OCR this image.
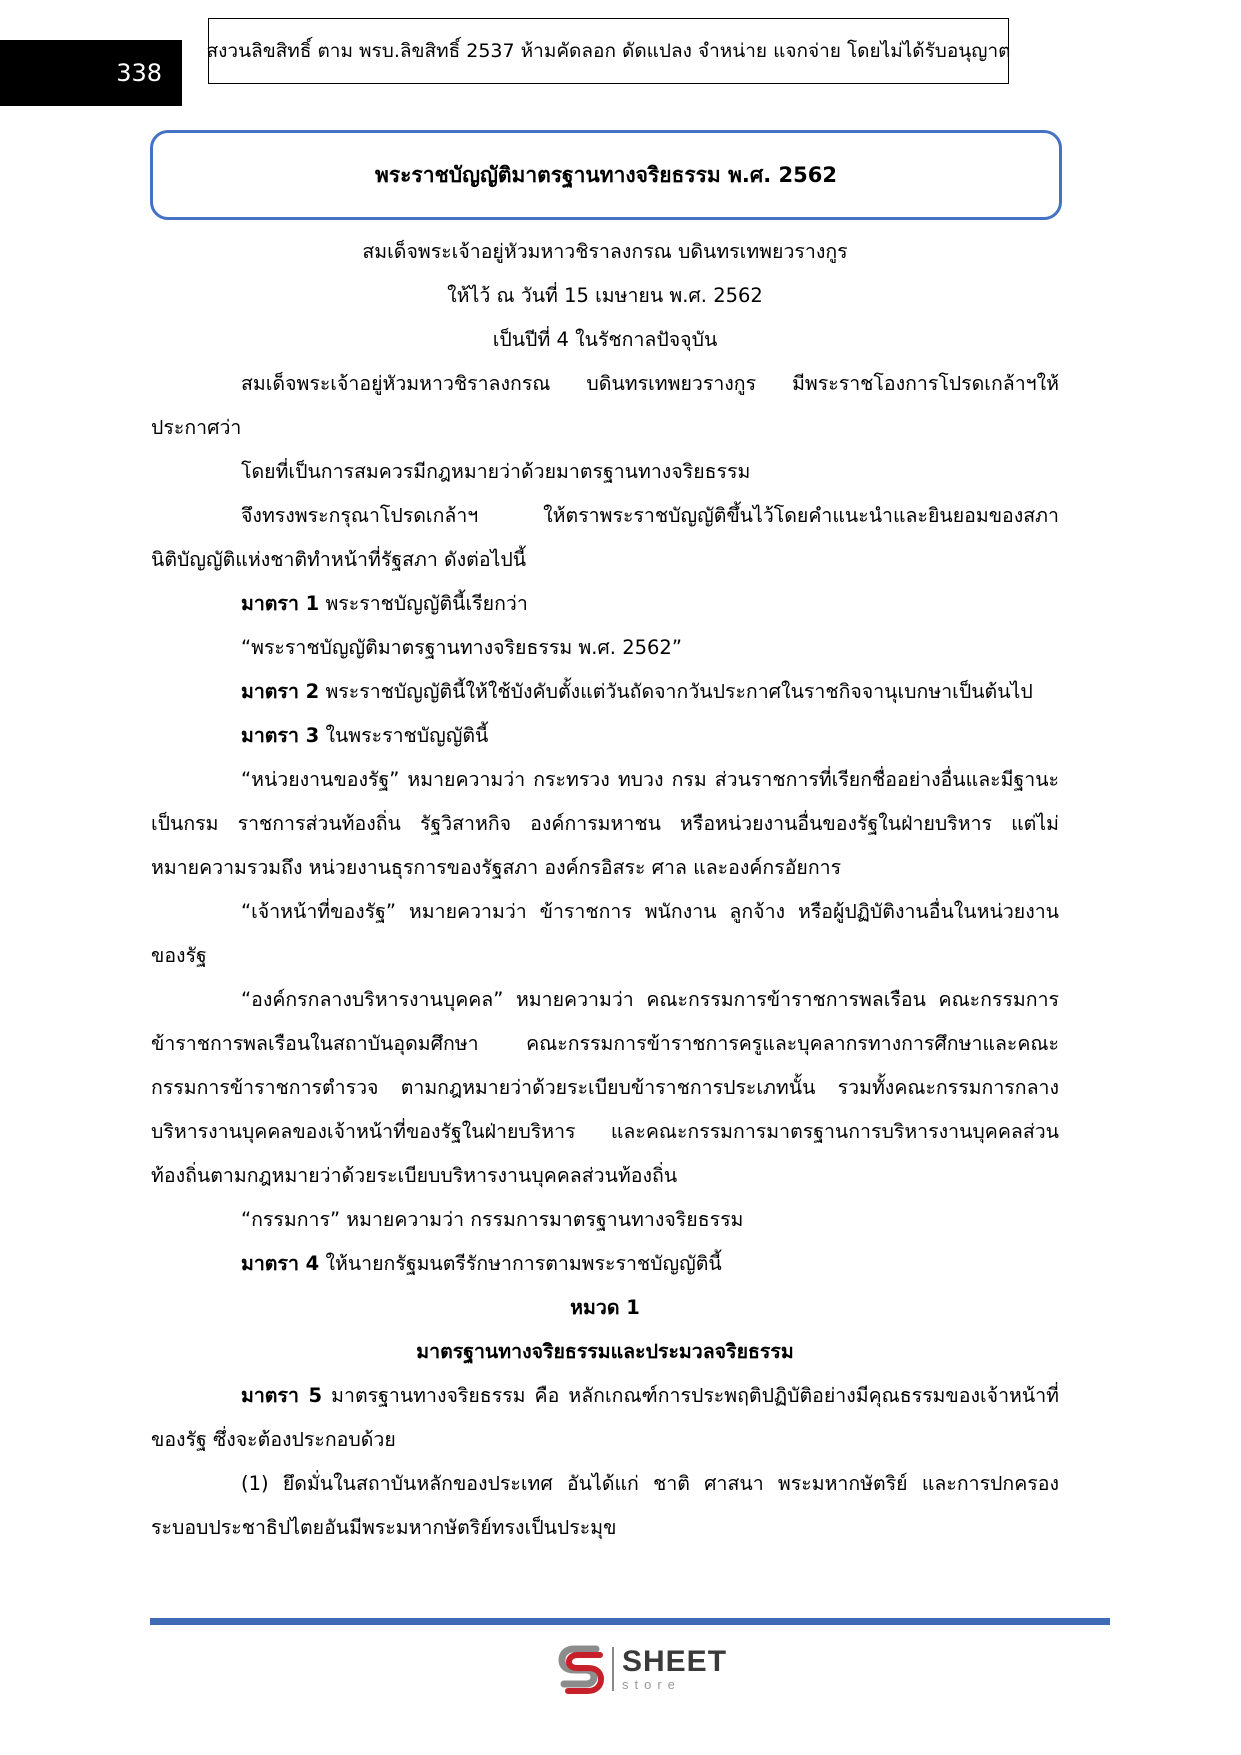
338
สงวนลิขสิทธิ์ ตาม พรบ.ลิขสิทธิ์ 2537 ห้ามคัดลอก ดัดแปลง จำหน่าย แจกจ่าย โดยไม่ได้รับอนุญาต
พระราชบัญญัติมาตรฐานทางจริยธรรม พ.ศ. 2562
สมเด็จพระเจ้าอยู่หัวมหาวชิราลงกรณ บดินทรเทพยวรางกูร
ให้ไว้ ณ วันที่ 15 เมษายน พ.ศ. 2562
เป็นปีที่ 4 ในรัชกาลปัจจุบัน
สมเด็จพระเจ้าอยู่หัวมหาวชิราลงกรณ บดินทรเทพยวรางกูร มีพระราชโองการโปรดเกล้าฯให้ประกาศว่า
โดยที่เป็นการสมควรมีกฎหมายว่าด้วยมาตรฐานทางจริยธรรม
จึงทรงพระกรุณาโปรดเกล้าฯ ให้ตราพระราชบัญญัติขึ้นไว้โดยคำแนะนำและยินยอมของสภานิติบัญญัติแห่งชาติทำหน้าที่รัฐสภา ดังต่อไปนี้
มาตรา 1 พระราชบัญญัตินี้เรียกว่า
“พระราชบัญญัติมาตรฐานทางจริยธรรม พ.ศ. 2562”
มาตรา 2 พระราชบัญญัตินี้ให้ใช้บังคับตั้งแต่วันถัดจากวันประกาศในราชกิจจานุเบกษาเป็นต้นไป
มาตรา 3 ในพระราชบัญญัตินี้
“หน่วยงานของรัฐ” หมายความว่า กระทรวง ทบวง กรม ส่วนราชการที่เรียกชื่ออย่างอื่นและมีฐานะเป็นกรม ราชการส่วนท้องถิ่น รัฐวิสาหกิจ องค์การมหาชน หรือหน่วยงานอื่นของรัฐในฝ่ายบริหาร แต่ไม่หมายความรวมถึง หน่วยงานธุรการของรัฐสภา องค์กรอิสระ ศาล และองค์กรอัยการ
“เจ้าหน้าที่ของรัฐ” หมายความว่า ข้าราชการ พนักงาน ลูกจ้าง หรือผู้ปฏิบัติงานอื่นในหน่วยงานของรัฐ
“องค์กรกลางบริหารงานบุคคล” หมายความว่า คณะกรรมการข้าราชการพลเรือน คณะกรรมการข้าราชการพลเรือนในสถาบันอุดมศึกษา คณะกรรมการข้าราชการครูและบุคลากรทางการศึกษาและคณะกรรมการข้าราชการตำรวจ ตามกฎหมายว่าด้วยระเบียบข้าราชการประเภทนั้น รวมทั้งคณะกรรมการกลางบริหารงานบุคคลของเจ้าหน้าที่ของรัฐในฝ่ายบริหาร และคณะกรรมการมาตรฐานการบริหารงานบุคคลส่วนท้องถิ่นตามกฎหมายว่าด้วยระเบียบบริหารงานบุคคลส่วนท้องถิ่น
“กรรมการ” หมายความว่า กรรมการมาตรฐานทางจริยธรรม
มาตรา 4 ให้นายกรัฐมนตรีรักษาการตามพระราชบัญญัตินี้
หมวด 1
มาตรฐานทางจริยธรรมและประมวลจริยธรรม
มาตรา 5 มาตรฐานทางจริยธรรม คือ หลักเกณฑ์การประพฤติปฏิบัติอย่างมีคุณธรรมของเจ้าหน้าที่ของรัฐ ซึ่งจะต้องประกอบด้วย
(1) ยึดมั่นในสถาบันหลักของประเทศ อันได้แก่ ชาติ ศาสนา พระมหากษัตริย์ และการปกครองระบอบประชาธิปไตยอันมีพระมหากษัตริย์ทรงเป็นประมุข
SHEET
store
